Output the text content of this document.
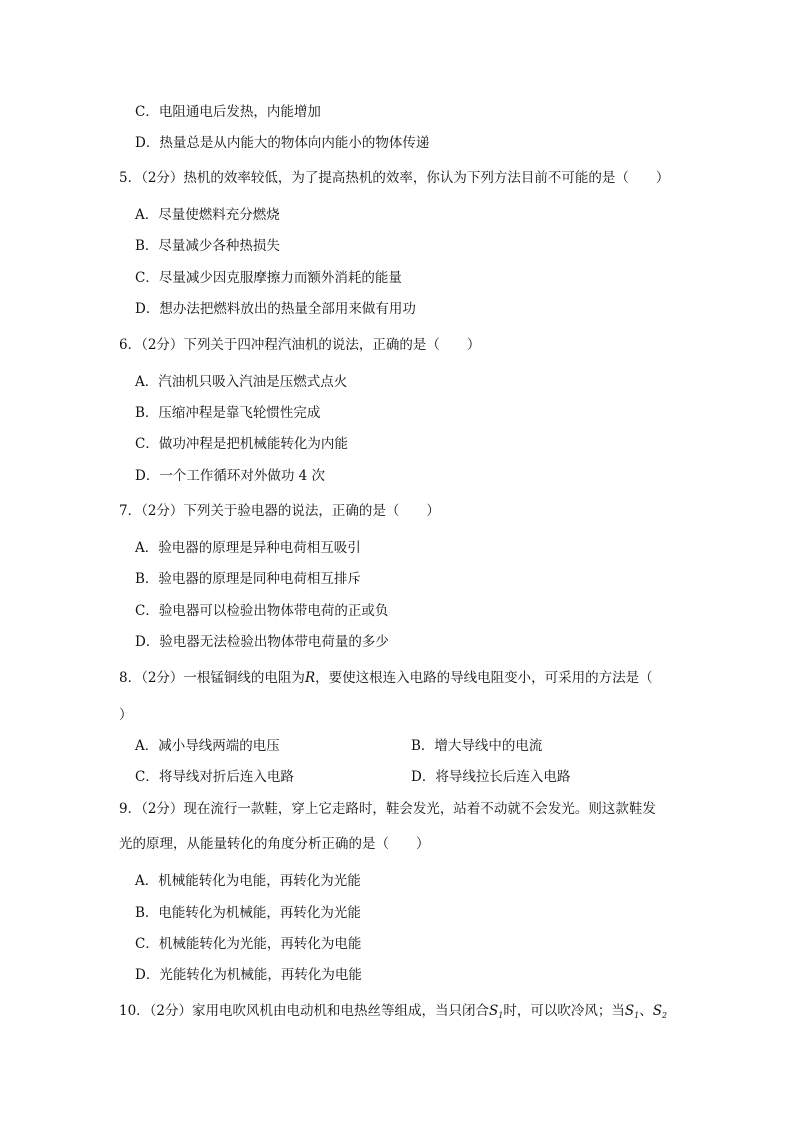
C．电阻通电后发热，内能增加
D．热量总是从内能大的物体向内能小的物体传递
5．（2分）热机的效率较低，为了提高热机的效率，你认为下列方法目前不可能的是（　　）
A．尽量使燃料充分燃烧
B．尽量减少各种热损失
C．尽量减少因克服摩擦力而额外消耗的能量
D．想办法把燃料放出的热量全部用来做有用功
6．（2分）下列关于四冲程汽油机的说法，正确的是（　　）
A．汽油机只吸入汽油是压燃式点火
B．压缩冲程是靠飞轮惯性完成
C．做功冲程是把机械能转化为内能
D．一个工作循环对外做功 4 次
7．（2分）下列关于验电器的说法，正确的是（　　）
A．验电器的原理是异种电荷相互吸引
B．验电器的原理是同种电荷相互排斥
C．验电器可以检验出物体带电荷的正或负
D．验电器无法检验出物体带电荷量的多少
8．（2分）一根锰铜线的电阻为R，要使这根连入电路的导线电阻变小，可采用的方法是（
）
A．减小导线两端的电压	B．增大导线中的电流
C．将导线对折后连入电路	D．将导线拉长后连入电路
9．（2分）现在流行一款鞋，穿上它走路时，鞋会发光，站着不动就不会发光。则这款鞋发
光的原理，从能量转化的角度分析正确的是（　　）
A．机械能转化为电能，再转化为光能
B．电能转化为机械能，再转化为光能
C．机械能转化为光能，再转化为电能
D．光能转化为机械能，再转化为电能
10．（2分）家用电吹风机由电动机和电热丝等组成，当只闭合$S_1$时，可以吹冷风；当$S_1$、$S_2$
